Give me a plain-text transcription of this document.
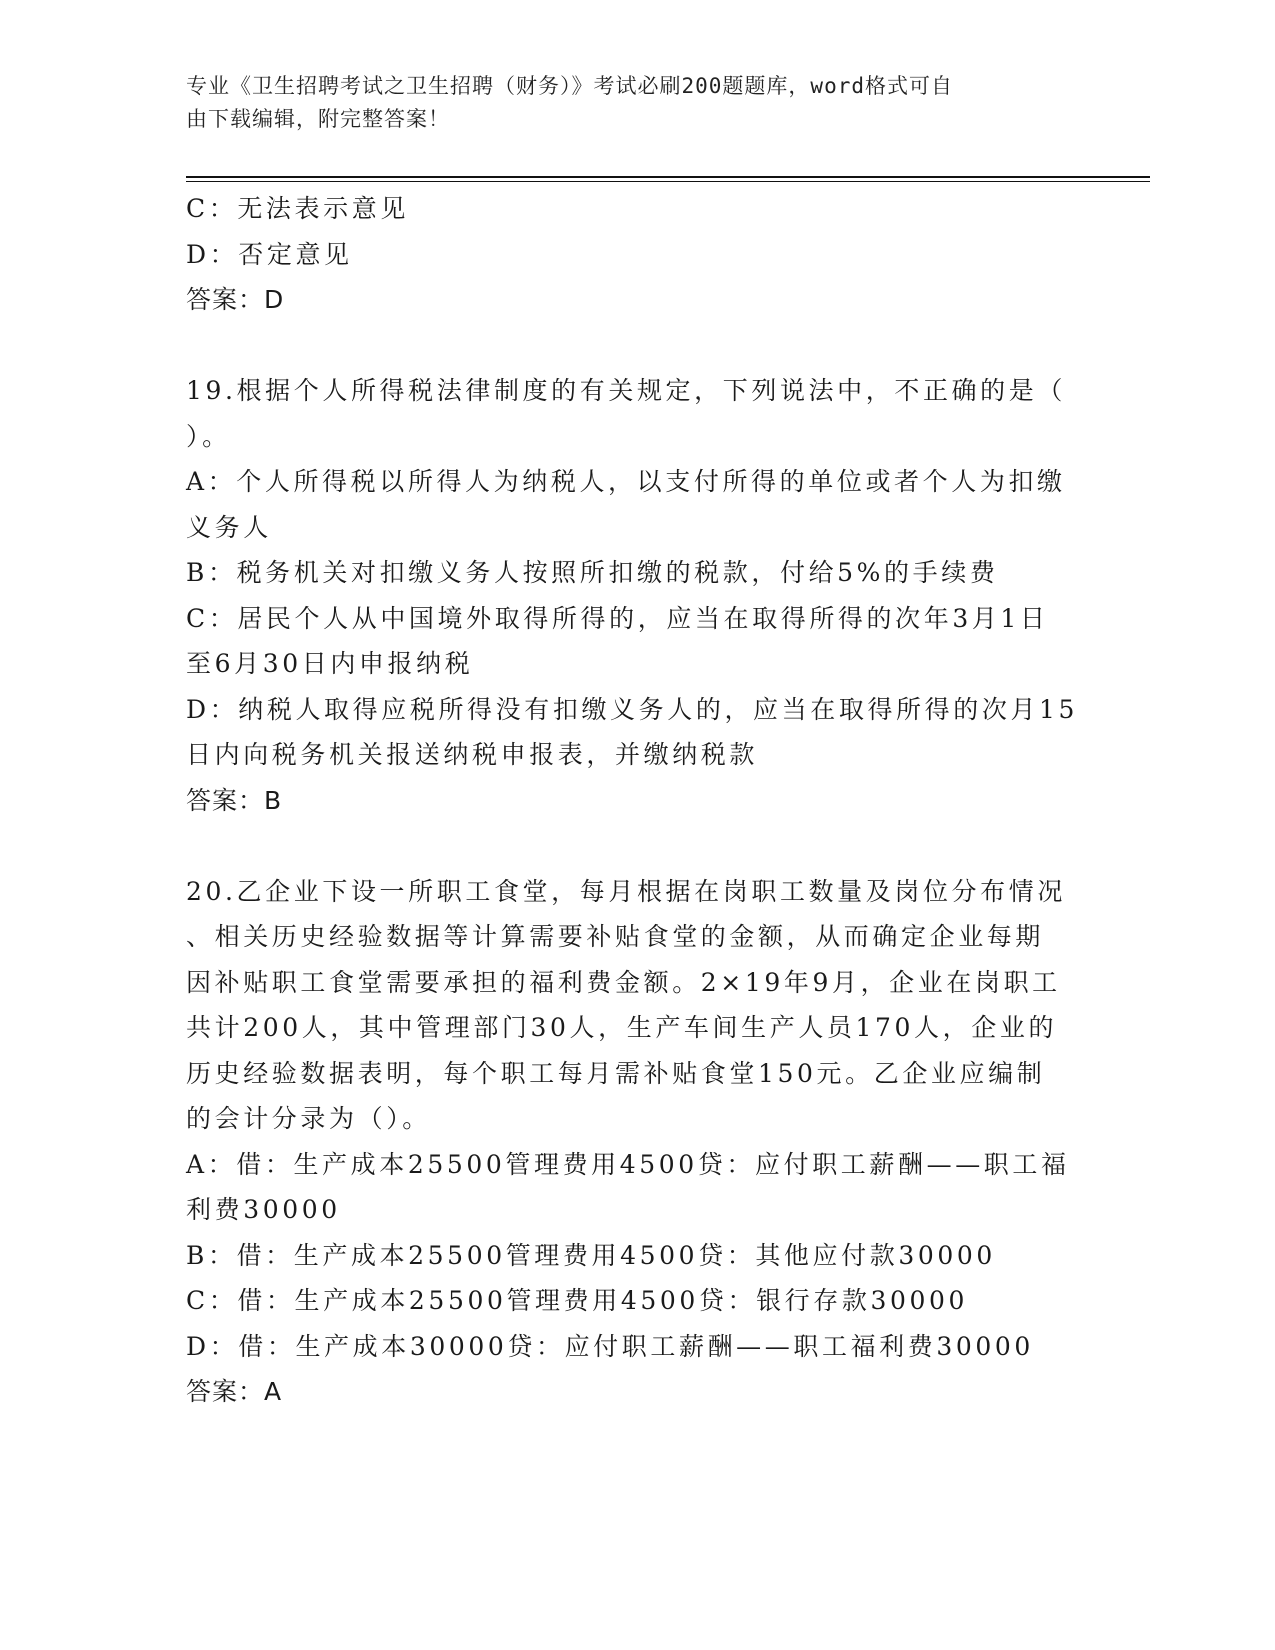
专业《卫生招聘考试之卫生招聘（财务）》考试必刷200题题库，word格式可自
由下载编辑，附完整答案！
C：无法表示意见
D：否定意见
答案：D
19.根据个人所得税法律制度的有关规定，下列说法中，不正确的是（
）。
A：个人所得税以所得人为纳税人，以支付所得的单位或者个人为扣缴
义务人
B：税务机关对扣缴义务人按照所扣缴的税款，付给5%的手续费
C：居民个人从中国境外取得所得的，应当在取得所得的次年3月1日
至6月30日内申报纳税
D：纳税人取得应税所得没有扣缴义务人的，应当在取得所得的次月15
日内向税务机关报送纳税申报表，并缴纳税款
答案：B
20.乙企业下设一所职工食堂，每月根据在岗职工数量及岗位分布情况
、相关历史经验数据等计算需要补贴食堂的金额，从而确定企业每期
因补贴职工食堂需要承担的福利费金额。2×19年9月，企业在岗职工
共计200人，其中管理部门30人，生产车间生产人员170人，企业的
历史经验数据表明，每个职工每月需补贴食堂150元。乙企业应编制
的会计分录为（）。
A：借：生产成本25500管理费用4500贷：应付职工薪酬——职工福
利费30000
B：借：生产成本25500管理费用4500贷：其他应付款30000
C：借：生产成本25500管理费用4500贷：银行存款30000
D：借：生产成本30000贷：应付职工薪酬——职工福利费30000
答案：A
